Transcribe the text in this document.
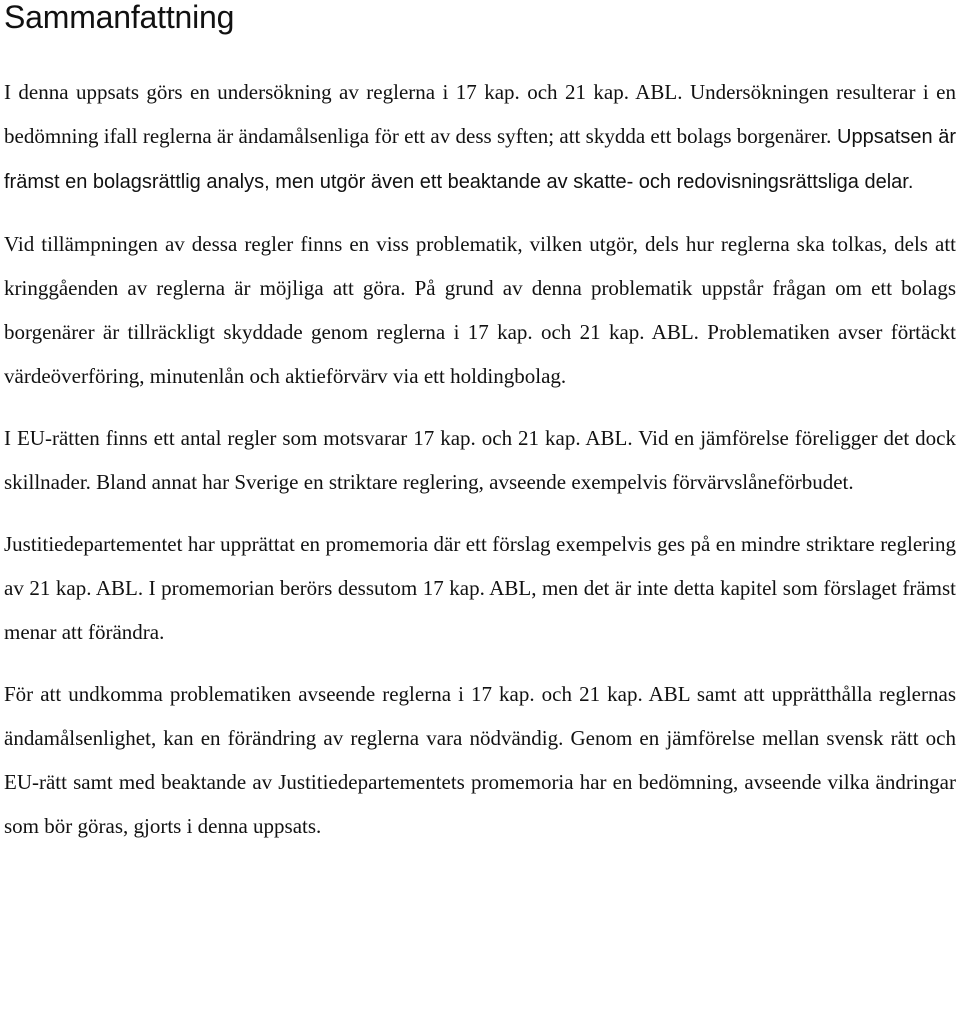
Sammanfattning

I denna uppsats görs en undersökning av reglerna i 17 kap. och 21 kap. ABL. Undersökningen resulterar i en bedömning ifall reglerna är ändamålsenliga för ett av dess syften; att skydda ett bolags borgenärer. Uppsatsen är främst en bolagsrättlig analys, men utgör även ett beaktande av skatte- och redovisningsrättsliga delar.

Vid tillämpningen av dessa regler finns en viss problematik, vilken utgör, dels hur reglerna ska tolkas, dels att kringgåenden av reglerna är möjliga att göra. På grund av denna problematik uppstår frågan om ett bolags borgenärer är tillräckligt skyddade genom reglerna i 17 kap. och 21 kap. ABL. Problematiken avser förtäckt värdeöverföring, minutenlån och aktieförvärv via ett holdingbolag.

I EU-rätten finns ett antal regler som motsvarar 17 kap. och 21 kap. ABL. Vid en jämförelse föreligger det dock skillnader. Bland annat har Sverige en striktare reglering, avseende exempelvis förvärvslåneförbudet.

Justitiedepartementet har upprättat en promemoria där ett förslag exempelvis ges på en mindre striktare reglering av 21 kap. ABL. I promemorian berörs dessutom 17 kap. ABL, men det är inte detta kapitel som förslaget främst menar att förändra.

För att undkomma problematiken avseende reglerna i 17 kap. och 21 kap. ABL samt att upprätthålla reglernas ändamålsenlighet, kan en förändring av reglerna vara nödvändig. Genom en jämförelse mellan svensk rätt och EU-rätt samt med beaktande av Justitiedepartementets promemoria har en bedömning, avseende vilka ändringar som bör göras, gjorts i denna uppsats.
